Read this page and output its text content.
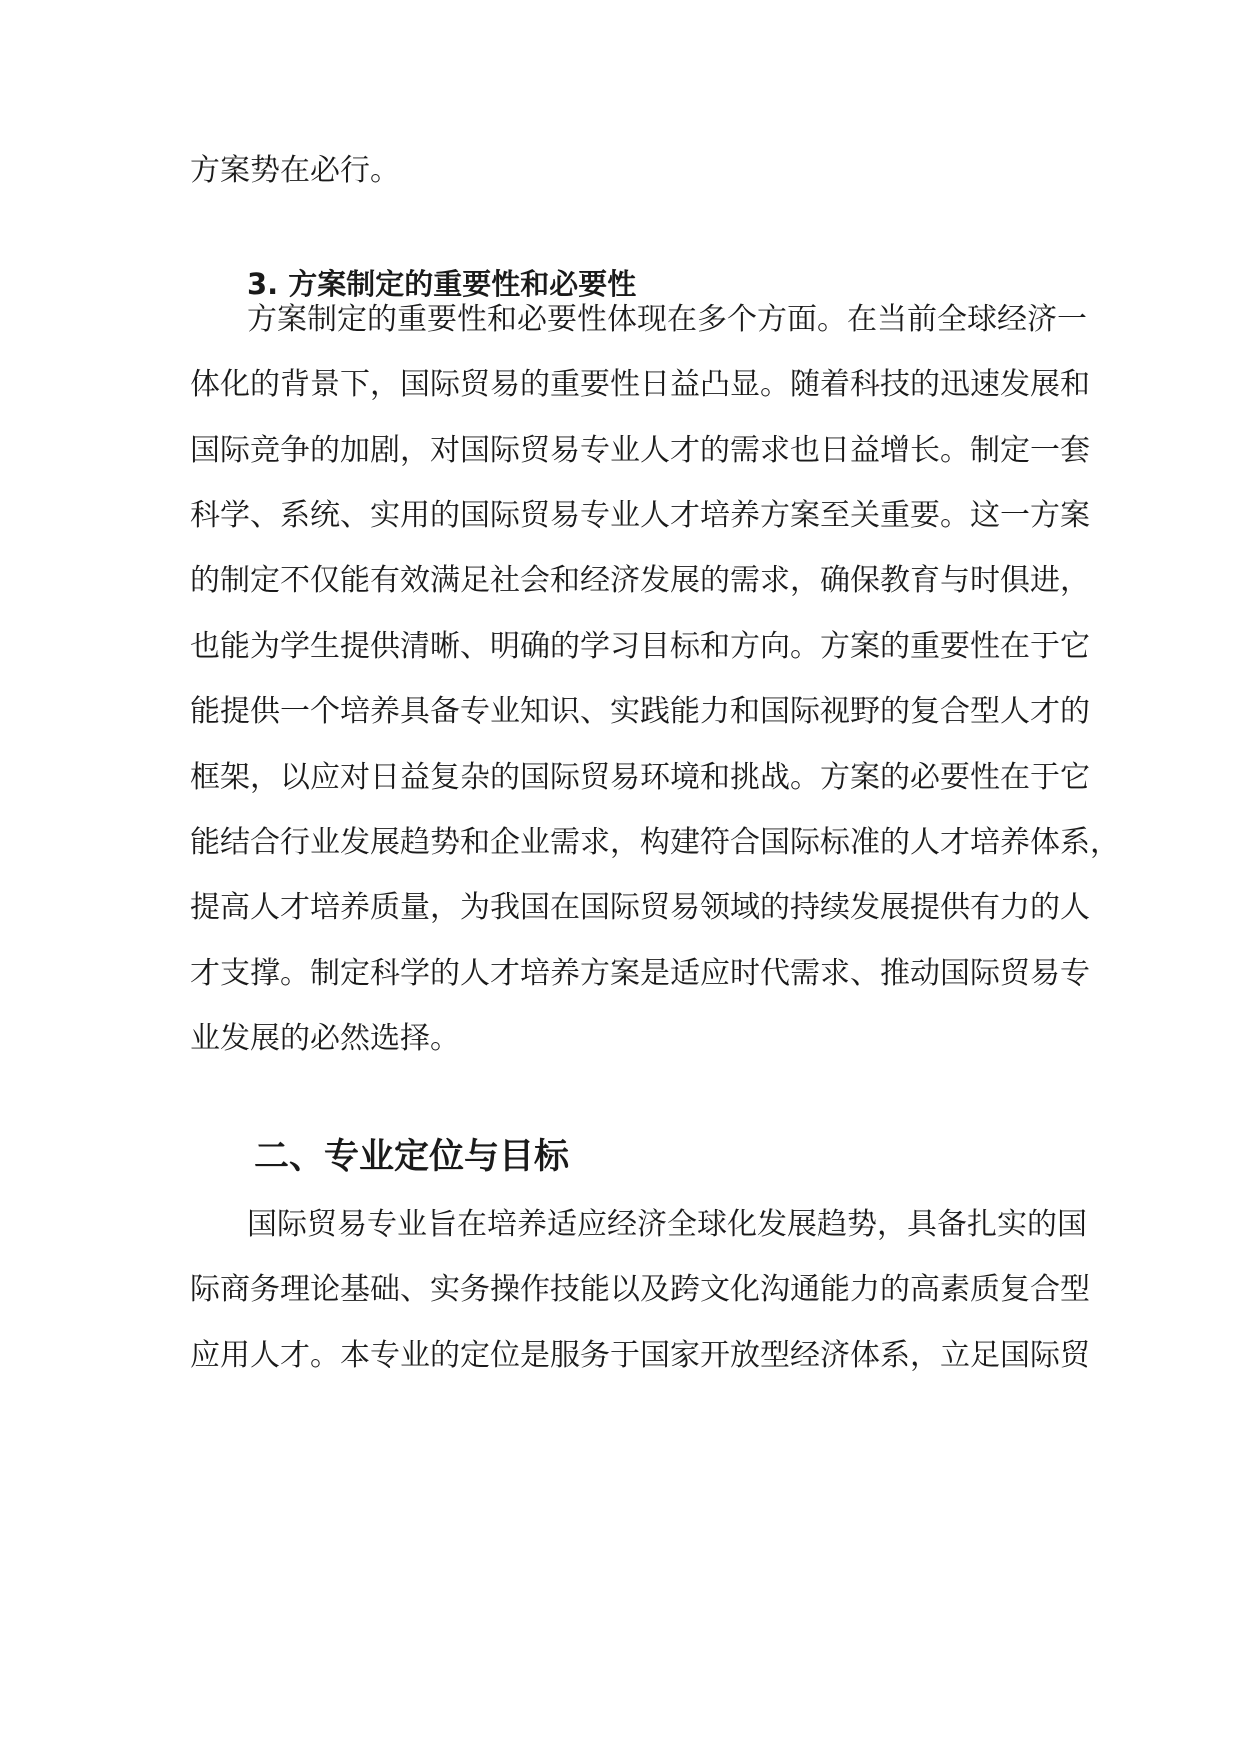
方案势在必行。
3. 方案制定的重要性和必要性
方案制定的重要性和必要性体现在多个方面。在当前全球经济一
体化的背景下，国际贸易的重要性日益凸显。随着科技的迅速发展和
国际竞争的加剧，对国际贸易专业人才的需求也日益增长。制定一套
科学、系统、实用的国际贸易专业人才培养方案至关重要。这一方案
的制定不仅能有效满足社会和经济发展的需求，确保教育与时俱进，
也能为学生提供清晰、明确的学习目标和方向。方案的重要性在于它
能提供一个培养具备专业知识、实践能力和国际视野的复合型人才的
框架，以应对日益复杂的国际贸易环境和挑战。方案的必要性在于它
能结合行业发展趋势和企业需求，构建符合国际标准的人才培养体系，
提高人才培养质量，为我国在国际贸易领域的持续发展提供有力的人
才支撑。制定科学的人才培养方案是适应时代需求、推动国际贸易专
业发展的必然选择。
二、专业定位与目标
国际贸易专业旨在培养适应经济全球化发展趋势，具备扎实的国
际商务理论基础、实务操作技能以及跨文化沟通能力的高素质复合型
应用人才。本专业的定位是服务于国家开放型经济体系，立足国际贸
